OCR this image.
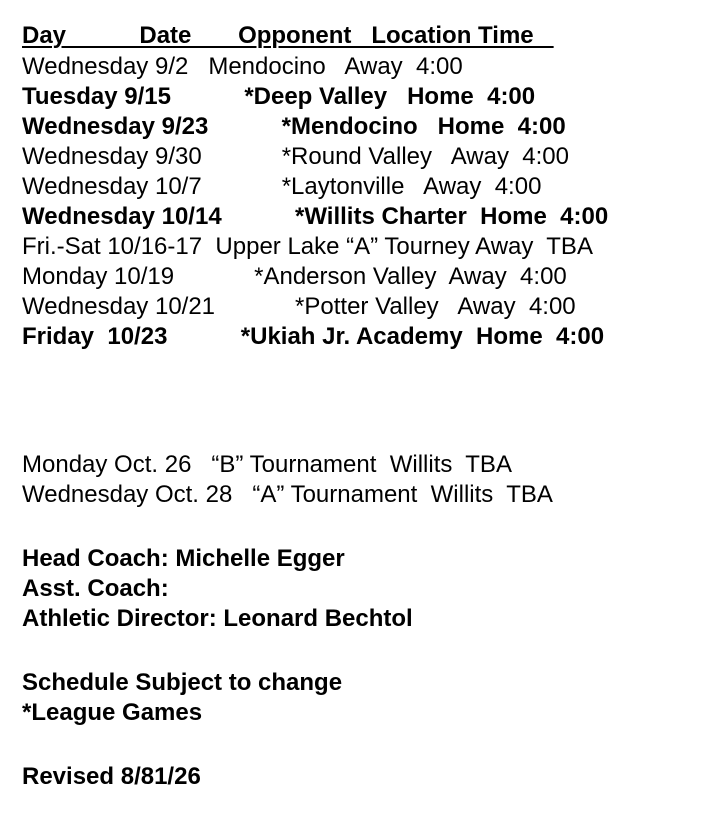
Day           Date       Opponent   Location Time
Wednesday 9/2   Mendocino   Away  4:00
Tuesday 9/15           *Deep Valley   Home  4:00
Wednesday 9/23           *Mendocino   Home  4:00
Wednesday 9/30            *Round Valley   Away  4:00
Wednesday 10/7            *Laytonville   Away  4:00
Wednesday 10/14           *Willits Charter  Home  4:00
Fri.-Sat 10/16-17  Upper Lake “A” Tourney Away  TBA
Monday 10/19            *Anderson Valley  Away  4:00
Wednesday 10/21            *Potter Valley   Away  4:00
Friday  10/23           *Ukiah Jr. Academy  Home  4:00
Monday Oct. 26   “B” Tournament  Willits  TBA
Wednesday Oct. 28   “A” Tournament  Willits  TBA
Head Coach: Michelle Egger
Asst. Coach:
Athletic Director: Leonard Bechtol
Schedule Subject to change
*League Games
Revised 8/81/26
